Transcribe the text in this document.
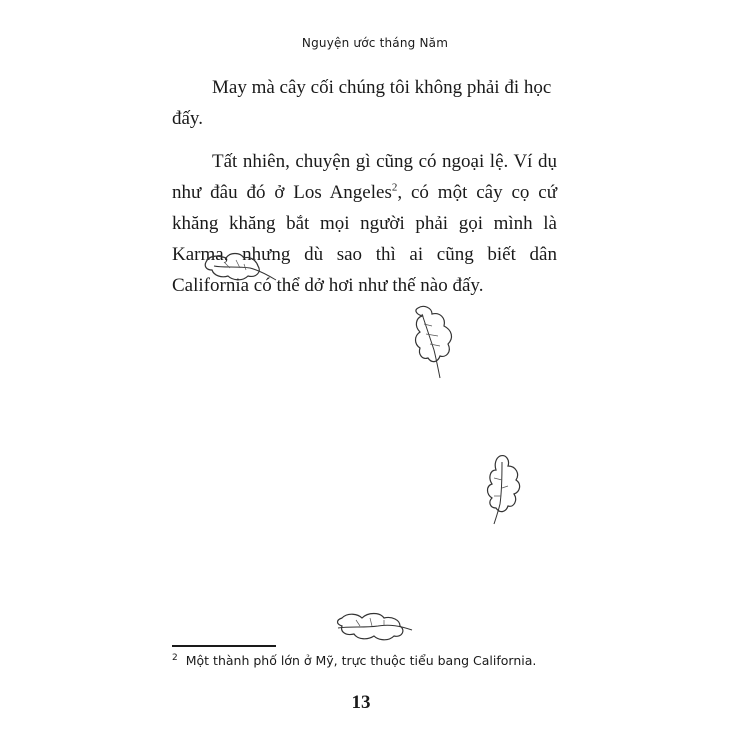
Nguyện ước tháng Năm

May mà cây cối chúng tôi không phải đi học đấy.

Tất nhiên, chuyện gì cũng có ngoại lệ. Ví dụ như đâu đó ở Los Angeles$^2$, có một cây cọ cứ khăng khăng bắt mọi người phải gọi mình là Karma, nhưng dù sao thì ai cũng biết dân California có thể dở hơi như thế nào đấy.

$^2$ Một thành phố lớn ở Mỹ, trực thuộc tiểu bang California.
13
